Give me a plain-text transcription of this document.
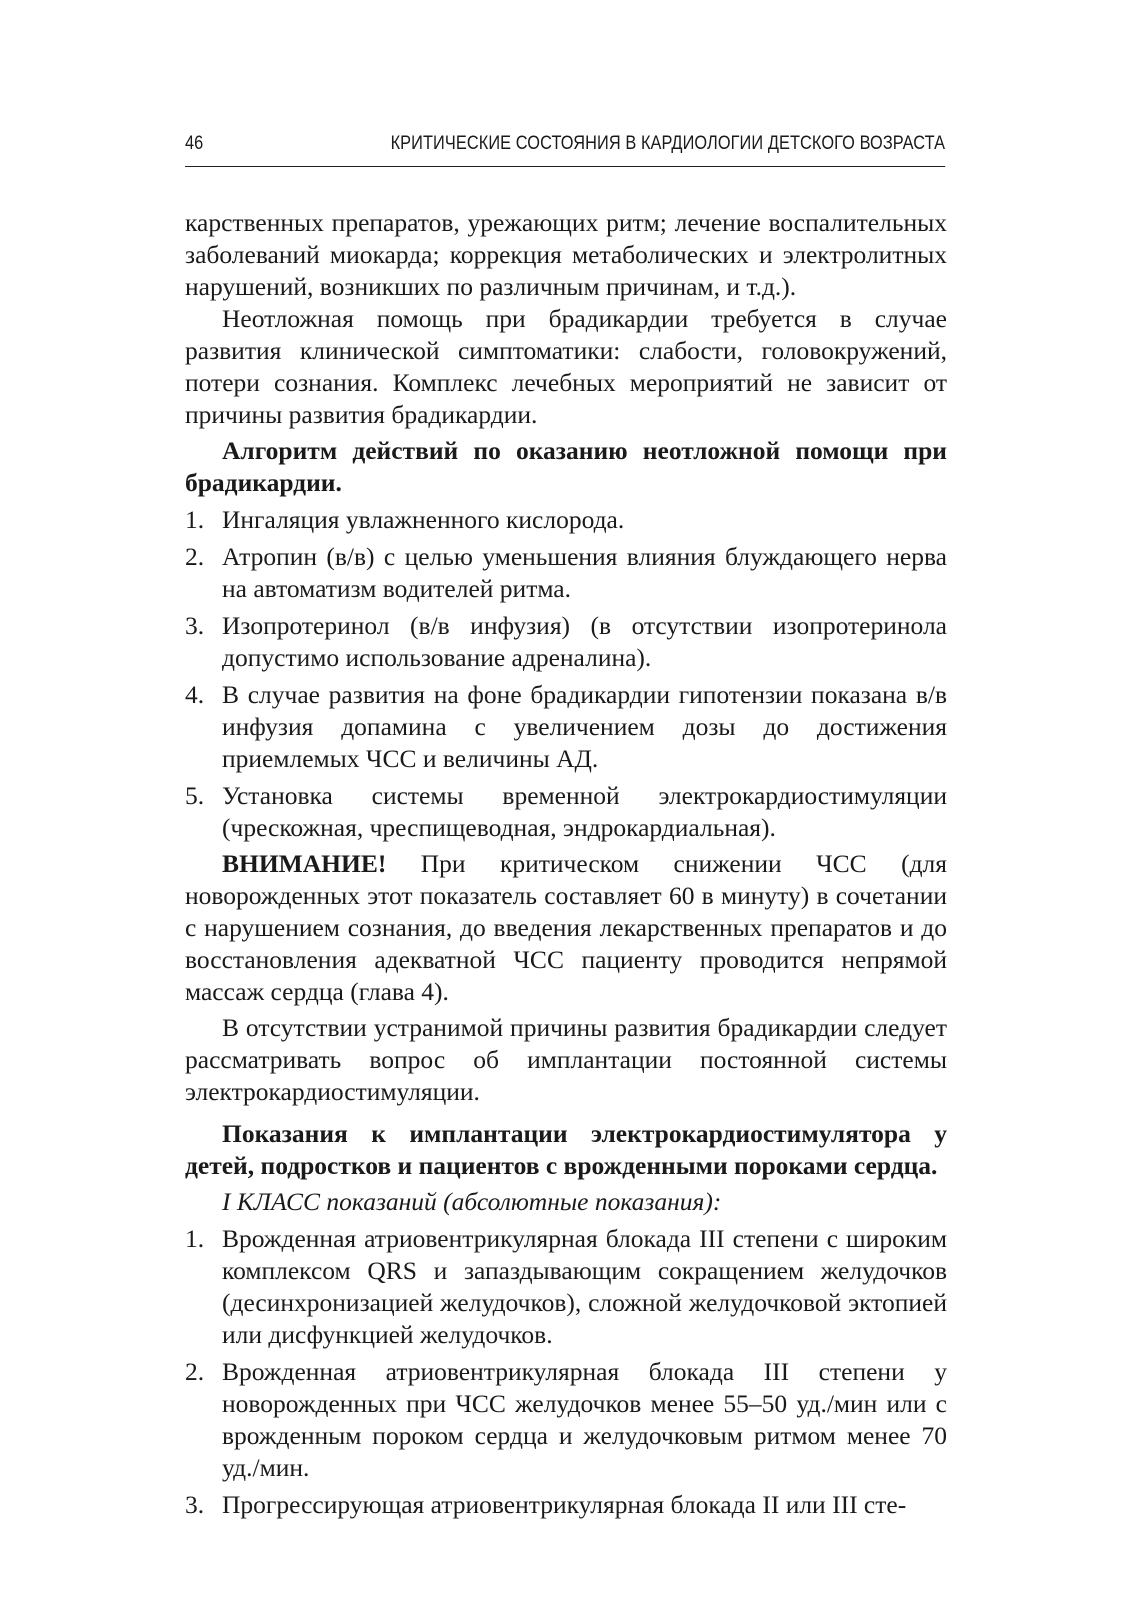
46	КРИТИЧЕСКИЕ СОСТОЯНИЯ В КАРДИОЛОГИИ ДЕТСКОГО ВОЗРАСТА

карственных препаратов, урежающих ритм; лечение воспалительных заболеваний миокарда; коррекция метаболических и электролитных нарушений, возникших по различным причинам, и т.д.).

Неотложная помощь при брадикардии требуется в случае развития клинической симптоматики: слабости, головокружений, потери сознания. Комплекс лечебных мероприятий не зависит от причины развития брадикардии.

Алгоритм действий по оказанию неотложной помощи при брадикардии.

1. Ингаляция увлажненного кислорода.
2. Атропин (в/в) с целью уменьшения влияния блуждающего нерва на автоматизм водителей ритма.
3. Изопротеринол (в/в инфузия) (в отсутствии изопротеринола допустимо использование адреналина).
4. В случае развития на фоне брадикардии гипотензии показана в/в инфузия допамина с увеличением дозы до достижения приемлемых ЧСС и величины АД.
5. Установка системы временной электрокардиостимуляции (чрескожная, чреспищеводная, эндрокардиальная).

ВНИМАНИЕ! При критическом снижении ЧСС (для новорожденных этот показатель составляет 60 в минуту) в сочетании с нарушением сознания, до введения лекарственных препаратов и до восстановления адекватной ЧСС пациенту проводится непрямой массаж сердца (глава 4).

В отсутствии устранимой причины развития брадикардии следует рассматривать вопрос об имплантации постоянной системы электрокардиостимуляции.

Показания к имплантации электрокардиостимулятора у детей, подростков и пациентов с врожденными пороками сердца.

I КЛАСС показаний (абсолютные показания):

1. Врожденная атриовентрикулярная блокада III степени с широким комплексом QRS и запаздывающим сокращением желудочков (десинхронизацией желудочков), сложной желудочковой эктопией или дисфункцией желудочков.
2. Врожденная атриовентрикулярная блокада III степени у новорожденных при ЧСС желудочков менее 55–50 уд./мин или с врожденным пороком сердца и желудочковым ритмом менее 70 уд./мин.
3. Прогрессирующая атриовентрикулярная блокада II или III сте-
